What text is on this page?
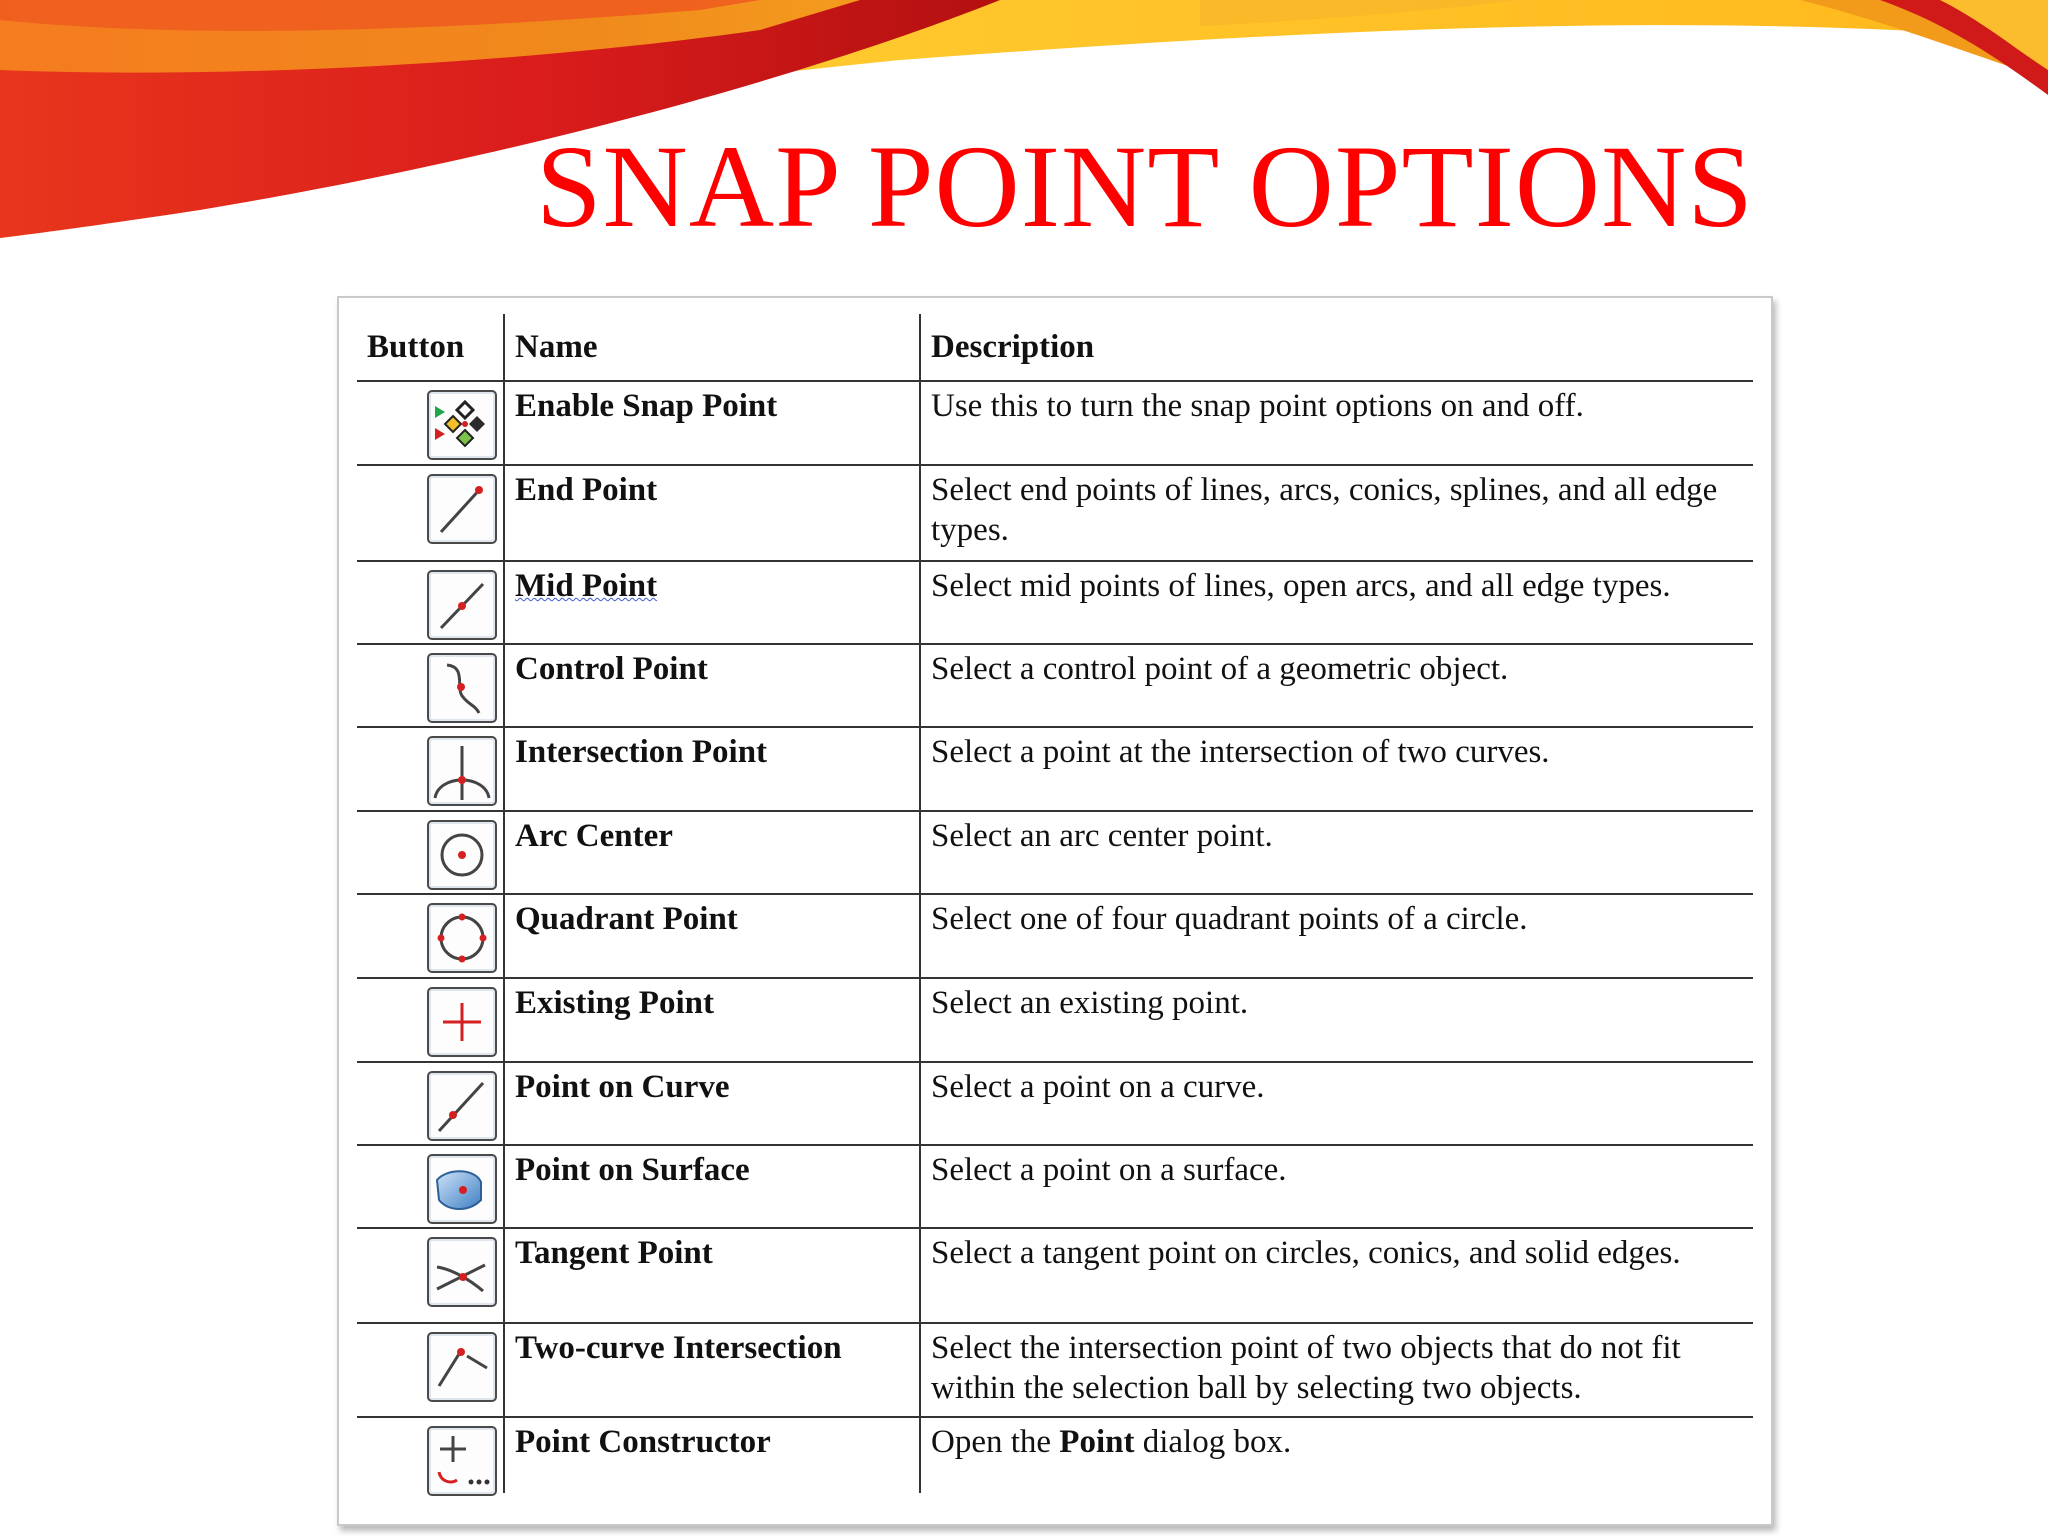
SNAP POINT OPTIONS
Button	Name	Description

	Enable Snap Point	Use this to turn the snap point options on and off.

	End Point	Select end points of lines, arcs, conics, splines, and all edge types.

	Mid Point	Select mid points of lines, open arcs, and all edge types.

	Control Point	Select a control point of a geometric object.

	Intersection Point	Select a point at the intersection of two curves.

	Arc Center	Select an arc center point.

	Quadrant Point	Select one of four quadrant points of a circle.

	Existing Point	Select an existing point.

	Point on Curve	Select a point on a curve.

	Point on Surface	Select a point on a surface.

	Tangent Point	Select a tangent point on circles, conics, and solid edges.

	Two-curve Intersection	Select the intersection point of two objects that do not fit within the selection ball by selecting two objects.

	Point Constructor	Open the Point dialog box.
